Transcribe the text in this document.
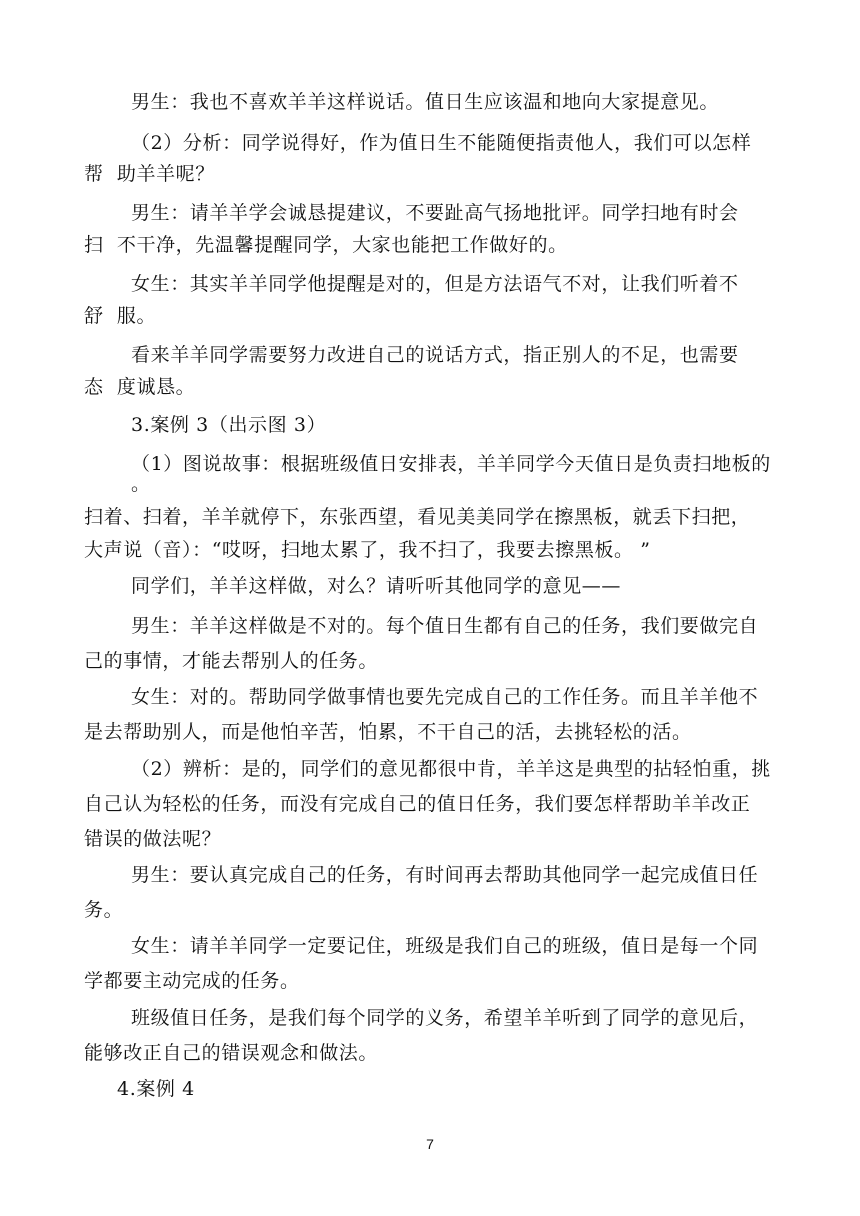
男生：我也不喜欢羊羊这样说话。值日生应该温和地向大家提意见。
（2）分析：同学说得好，作为值日生不能随便指责他人，我们可以怎样
帮  助羊羊呢？
男生：请羊羊学会诚恳提建议，不要趾高气扬地批评。同学扫地有时会
扫  不干净，先温馨提醒同学，大家也能把工作做好的。
女生：其实羊羊同学他提醒是对的，但是方法语气不对，让我们听着不
舒  服。
看来羊羊同学需要努力改进自己的说话方式，指正别人的不足，也需要
态  度诚恳。
3.案例 3（出示图 3）
（1）图说故事：根据班级值日安排表，羊羊同学今天值日是负责扫地板的
。
扫着、扫着，羊羊就停下，东张西望，看见美美同学在擦黑板，就丢下扫把，
大声说（音）：“哎呀，扫地太累了，我不扫了，我要去擦黑板。 ”
同学们，羊羊这样做，对么？请听听其他同学的意见——
男生：羊羊这样做是不对的。每个值日生都有自己的任务，我们要做完自
己的事情，才能去帮别人的任务。
女生：对的。帮助同学做事情也要先完成自己的工作任务。而且羊羊他不
是去帮助别人，而是他怕辛苦，怕累，不干自己的活，去挑轻松的活。
（2）辨析：是的，同学们的意见都很中肯，羊羊这是典型的拈轻怕重，挑
自己认为轻松的任务，而没有完成自己的值日任务，我们要怎样帮助羊羊改正
错误的做法呢？
男生：要认真完成自己的任务，有时间再去帮助其他同学一起完成值日任
务。
女生：请羊羊同学一定要记住，班级是我们自己的班级，值日是每一个同
学都要主动完成的任务。
班级值日任务，是我们每个同学的义务，希望羊羊听到了同学的意见后，
能够改正自己的错误观念和做法。
4.案例 4
7
